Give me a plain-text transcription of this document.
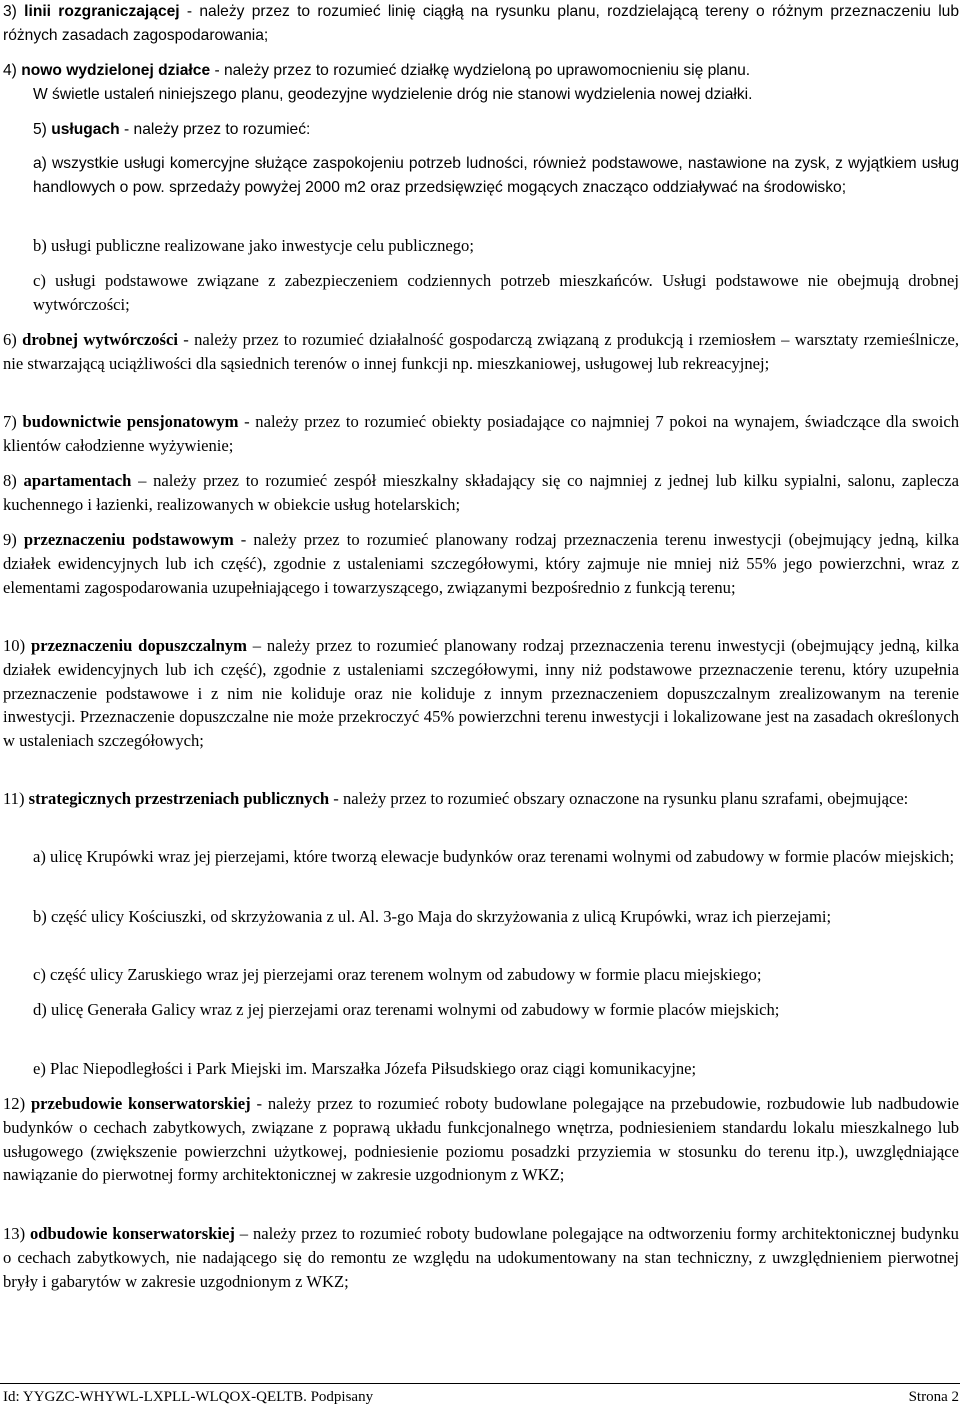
3) linii rozgraniczającej - należy przez to rozumieć linię ciągłą na rysunku planu, rozdzielającą tereny o różnym przeznaczeniu lub różnych zasadach zagospodarowania;

4) nowo wydzielonej działce - należy przez to rozumieć działkę wydzieloną po uprawomocnieniu się planu.

W świetle ustaleń niniejszego planu, geodezyjne wydzielenie dróg nie stanowi wydzielenia nowej działki.

5) usługach - należy przez to rozumieć:

a) wszystkie usługi komercyjne służące zaspokojeniu potrzeb ludności, również podstawowe, nastawione na zysk, z wyjątkiem usług handlowych o pow. sprzedaży powyżej 2000 m2 oraz przedsięwzięć mogących znacząco oddziaływać na środowisko;

b) usługi publiczne realizowane jako inwestycje celu publicznego;

c) usługi podstawowe związane z zabezpieczeniem codziennych potrzeb mieszkańców. Usługi podstawowe nie obejmują drobnej wytwórczości;

6) drobnej wytwórczości - należy przez to rozumieć działalność gospodarczą związaną z produkcją i rzemiosłem – warsztaty rzemieślnicze, nie stwarzającą uciążliwości dla sąsiednich terenów o innej funkcji np. mieszkaniowej, usługowej lub rekreacyjnej;

7) budownictwie pensjonatowym - należy przez to rozumieć obiekty posiadające co najmniej 7 pokoi na wynajem, świadczące dla swoich klientów całodzienne wyżywienie;

8) apartamentach – należy przez to rozumieć zespół mieszkalny składający się co najmniej z jednej lub kilku sypialni, salonu, zaplecza kuchennego i łazienki, realizowanych w obiekcie usług hotelarskich;

9) przeznaczeniu podstawowym - należy przez to rozumieć planowany rodzaj przeznaczenia terenu inwestycji (obejmujący jedną, kilka działek ewidencyjnych lub ich część), zgodnie z ustaleniami szczegółowymi, który zajmuje nie mniej niż 55% jego powierzchni, wraz z elementami zagospodarowania uzupełniającego i towarzyszącego, związanymi bezpośrednio z funkcją terenu;

10) przeznaczeniu dopuszczalnym – należy przez to rozumieć planowany rodzaj przeznaczenia terenu inwestycji (obejmujący jedną, kilka działek ewidencyjnych lub ich część), zgodnie z ustaleniami szczegółowymi, inny niż podstawowe przeznaczenie terenu, który uzupełnia przeznaczenie podstawowe i z nim nie koliduje oraz nie koliduje z innym przeznaczeniem dopuszczalnym zrealizowanym na terenie inwestycji. Przeznaczenie dopuszczalne nie może przekroczyć 45% powierzchni terenu inwestycji i lokalizowane jest na zasadach określonych w ustaleniach szczegółowych;

11) strategicznych przestrzeniach publicznych - należy przez to rozumieć obszary oznaczone na rysunku planu szrafami, obejmujące:

a) ulicę Krupówki wraz jej pierzejami, które tworzą elewacje budynków oraz terenami wolnymi od zabudowy w formie placów miejskich;

b) część ulicy Kościuszki, od skrzyżowania z ul. Al. 3-go Maja do skrzyżowania z ulicą Krupówki, wraz ich pierzejami;

c) część ulicy Zaruskiego wraz jej pierzejami oraz terenem wolnym od zabudowy w formie placu miejskiego;

d) ulicę Generała Galicy wraz z jej pierzejami oraz terenami wolnymi od zabudowy w formie placów miejskich;

e) Plac Niepodległości i Park Miejski im. Marszałka Józefa Piłsudskiego oraz ciągi komunikacyjne;

12) przebudowie konserwatorskiej - należy przez to rozumieć roboty budowlane polegające na przebudowie, rozbudowie lub nadbudowie budynków o cechach zabytkowych, związane z poprawą układu funkcjonalnego wnętrza, podniesieniem standardu lokalu mieszkalnego lub usługowego (zwiększenie powierzchni użytkowej, podniesienie poziomu posadzki przyziemia w stosunku do terenu itp.), uwzględniające nawiązanie do pierwotnej formy architektonicznej w zakresie uzgodnionym z WKZ;

13) odbudowie konserwatorskiej – należy przez to rozumieć roboty budowlane polegające na odtworzeniu formy architektonicznej budynku o cechach zabytkowych, nie nadającego się do remontu ze względu na udokumentowany na stan techniczny, z uwzględnieniem pierwotnej bryły i gabarytów w zakresie uzgodnionym z WKZ;

Id: YYGZC-WHYWL-LXPLL-WLQOX-QELTB. Podpisany	Strona 2
